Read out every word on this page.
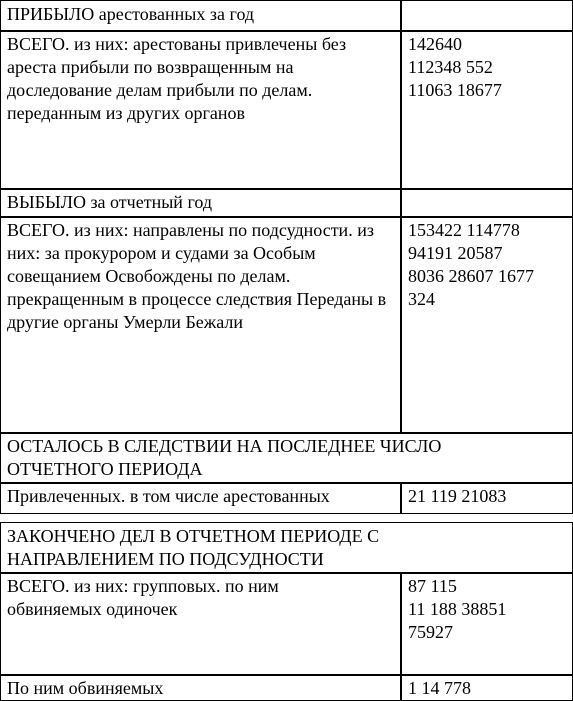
ПРИБЫЛО арестованных за год
ВСЕГО. из них: арестованы привлечены без ареста прибыли по возвращенным на доследование делам прибыли по делам. переданным из других органов
142640
112348 552
11063 18677
ВЫБЫЛО за отчетный год
ВСЕГО. из них: направлены по подсудности. из них: за прокурором и судами за Особым совещанием Освобождены по делам. прекращенным в процессе следствия Переданы в другие органы Умерли Бежали
153422 114778
94191 20587
8036 28607 1677
324
ОСТАЛОСЬ В СЛЕДСТВИИ НА ПОСЛЕДНЕЕ ЧИСЛО ОТЧЕТНОГО ПЕРИОДА
Привлеченных. в том числе арестованных	21 119 21083
ЗАКОНЧЕНО ДЕЛ В ОТЧЕТНОМ ПЕРИОДЕ С НАПРАВЛЕНИЕМ ПО ПОДСУДНОСТИ
ВСЕГО. из них: групповых. по ним обвиняемых одиночек
87 115
11 188 38851
75927
По ним обвиняемых	1 14 778
